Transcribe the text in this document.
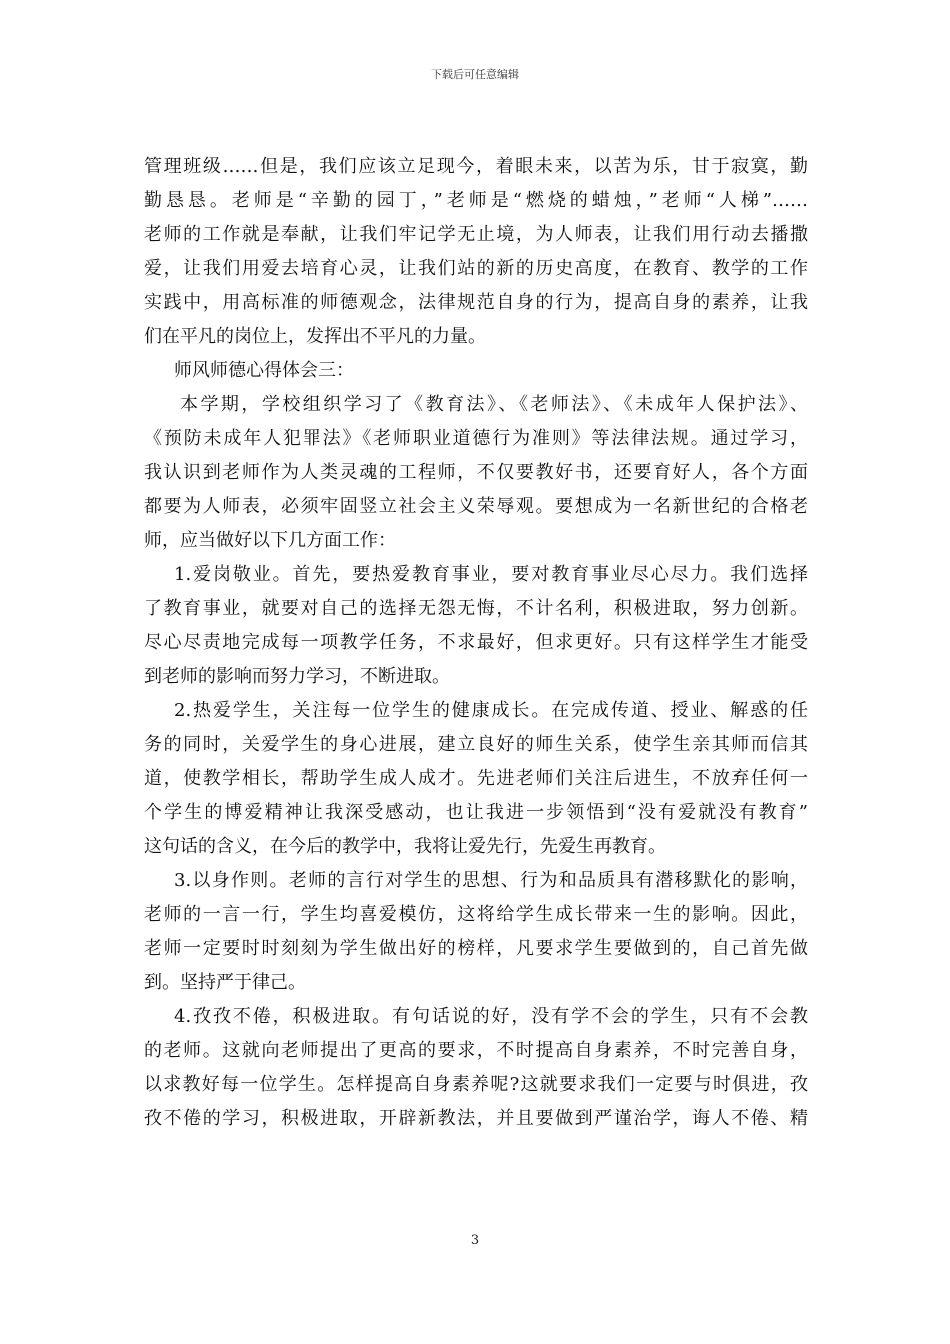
下载后可任意编辑
管理班级……但是，我们应该立足现今，着眼未来，以苦为乐，甘于寂寞，勤
勤恳恳。老师是“辛勤的园丁，”老师是“燃烧的蜡烛，”老师“人梯”……
老师的工作就是奉献，让我们牢记学无止境，为人师表，让我们用行动去播撒
爱，让我们用爱去培育心灵，让我们站的新的历史高度，在教育、教学的工作
实践中，用高标准的师德观念，法律规范自身的行为，提高自身的素养，让我
们在平凡的岗位上，发挥出不平凡的力量。
师风师德心得体会三：
本学期，学校组织学习了《教育法》、《老师法》、《未成年人保护法》、
《预防未成年人犯罪法》《老师职业道德行为准则》等法律法规。通过学习，
我认识到老师作为人类灵魂的工程师，不仅要教好书，还要育好人，各个方面
都要为人师表，必须牢固竖立社会主义荣辱观。要想成为一名新世纪的合格老
师，应当做好以下几方面工作：
1.爱岗敬业。首先，要热爱教育事业，要对教育事业尽心尽力。我们选择
了教育事业，就要对自己的选择无怨无悔，不计名利，积极进取，努力创新。
尽心尽责地完成每一项教学任务，不求最好，但求更好。只有这样学生才能受
到老师的影响而努力学习，不断进取。
2.热爱学生，关注每一位学生的健康成长。在完成传道、授业、解惑的任
务的同时，关爱学生的身心进展，建立良好的师生关系，使学生亲其师而信其
道，使教学相长，帮助学生成人成才。先进老师们关注后进生，不放弃任何一
个学生的博爱精神让我深受感动，也让我进一步领悟到“没有爱就没有教育”
这句话的含义，在今后的教学中，我将让爱先行，先爱生再教育。
3.以身作则。老师的言行对学生的思想、行为和品质具有潜移默化的影响，
老师的一言一行，学生均喜爱模仿，这将给学生成长带来一生的影响。因此，
老师一定要时时刻刻为学生做出好的榜样，凡要求学生要做到的，自己首先做
到。坚持严于律己。
4.孜孜不倦，积极进取。有句话说的好，没有学不会的学生，只有不会教
的老师。这就向老师提出了更高的要求，不时提高自身素养，不时完善自身，
以求教好每一位学生。怎样提高自身素养呢?这就要求我们一定要与时俱进，孜
孜不倦的学习，积极进取，开辟新教法，并且要做到严谨治学，诲人不倦、精
3
